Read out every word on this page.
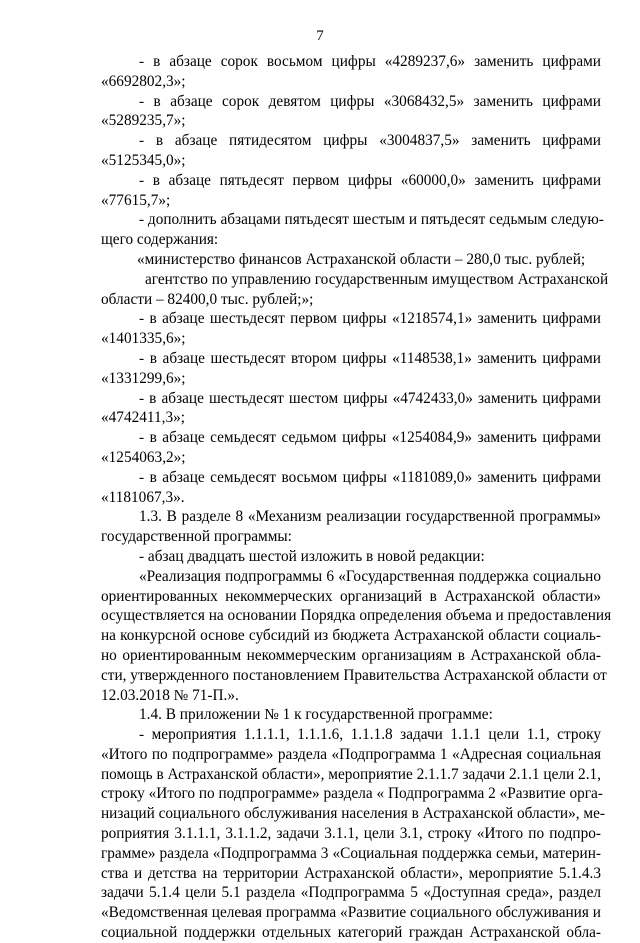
7
- в абзаце сорок восьмом цифры «4289237,6» заменить цифрами
«6692802,3»;
- в абзаце сорок девятом цифры «3068432,5» заменить цифрами
«5289235,7»;
- в абзаце пятидесятом цифры «3004837,5» заменить цифрами
«5125345,0»;
- в абзаце пятьдесят первом цифры «60000,0» заменить цифрами
«77615,7»;
- дополнить абзацами пятьдесят шестым и пятьдесят седьмым следую-
щего содержания:
«министерство финансов Астраханской области – 280,0 тыс. рублей;
агентство по управлению государственным имуществом Астраханской
области – 82400,0 тыс. рублей;»;
- в абзаце шестьдесят первом цифры «1218574,1» заменить цифрами
«1401335,6»;
- в абзаце шестьдесят втором цифры «1148538,1» заменить цифрами
«1331299,6»;
- в абзаце шестьдесят шестом цифры «4742433,0» заменить цифрами
«4742411,3»;
- в абзаце семьдесят седьмом цифры «1254084,9» заменить цифрами
«1254063,2»;
- в абзаце семьдесят восьмом цифры «1181089,0» заменить цифрами
«1181067,3».
1.3. В разделе 8 «Механизм реализации государственной программы»
государственной программы:
- абзац двадцать шестой изложить в новой редакции:
«Реализация подпрограммы 6 «Государственная поддержка социально
ориентированных некоммерческих организаций в Астраханской области»
осуществляется на основании Порядка определения объема и предоставления
на конкурсной основе субсидий из бюджета Астраханской области социаль-
но ориентированным некоммерческим организациям в Астраханской обла-
сти, утвержденного постановлением Правительства Астраханской области от
12.03.2018 № 71-П.».
1.4. В приложении № 1 к государственной программе:
- мероприятия 1.1.1.1, 1.1.1.6, 1.1.1.8 задачи 1.1.1 цели 1.1, строку
«Итого по подпрограмме» раздела «Подпрограмма 1 «Адресная социальная
помощь в Астраханской области», мероприятие 2.1.1.7 задачи 2.1.1 цели 2.1,
строку «Итого по подпрограмме» раздела « Подпрограмма 2 «Развитие орга-
низаций социального обслуживания населения в Астраханской области», ме-
роприятия 3.1.1.1, 3.1.1.2, задачи 3.1.1, цели 3.1, строку «Итого по подпро-
грамме» раздела «Подпрограмма 3 «Социальная поддержка семьи, материн-
ства и детства на территории Астраханской области», мероприятие 5.1.4.3
задачи 5.1.4 цели 5.1 раздела «Подпрограмма 5 «Доступная среда», раздел
«Ведомственная целевая программа «Развитие социального обслуживания и
социальной поддержки отдельных категорий граждан Астраханской обла-
